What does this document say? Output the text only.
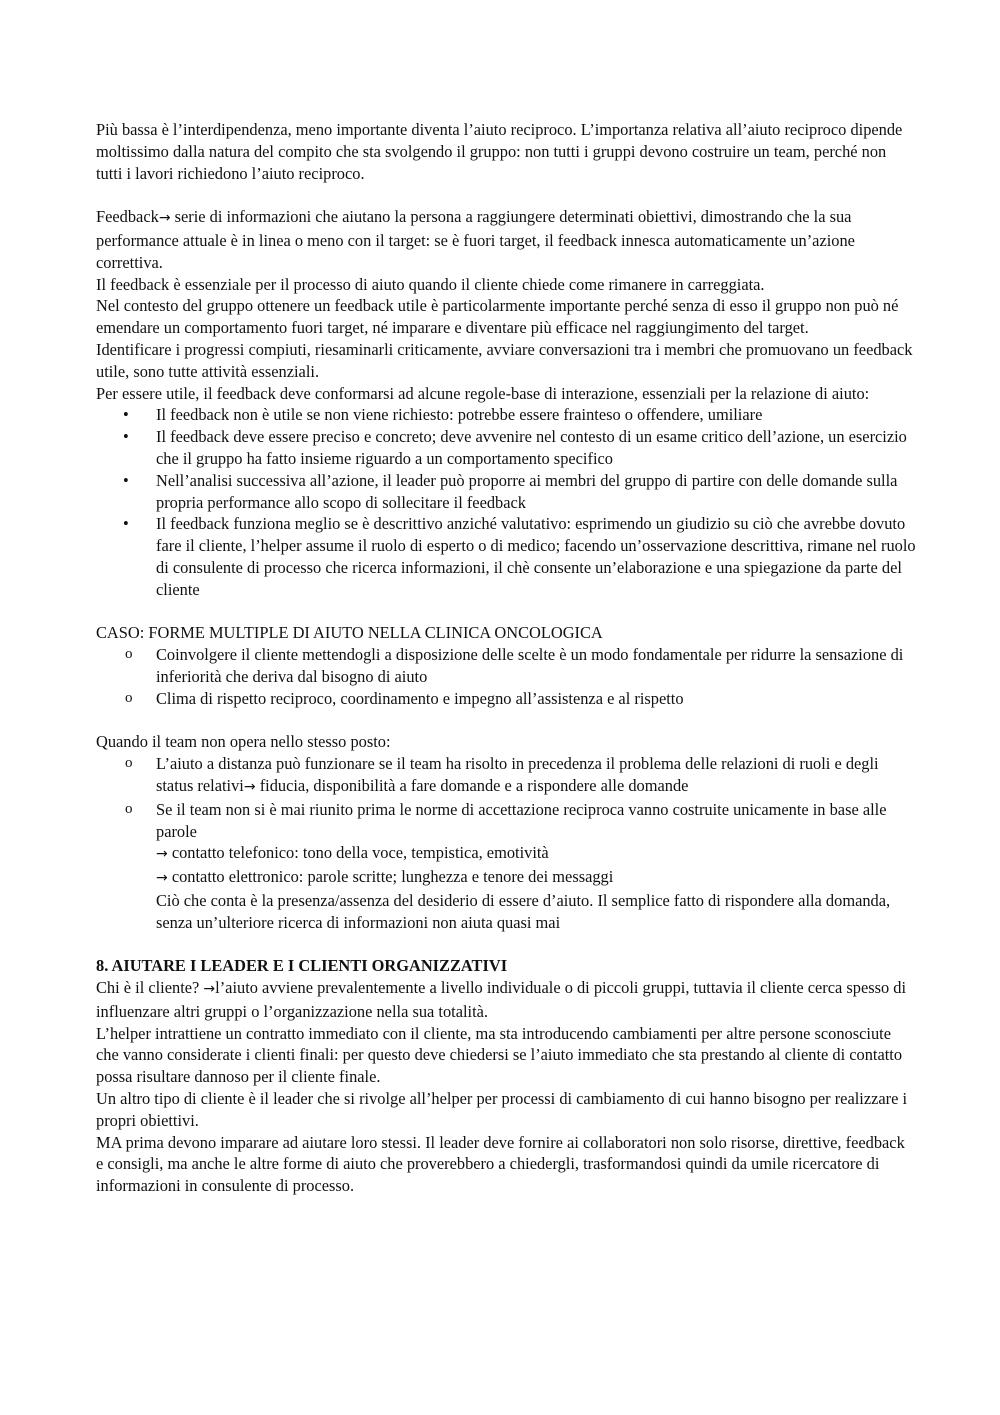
Più bassa è l’interdipendenza, meno importante diventa l’aiuto reciproco. L’importanza relativa all’aiuto reciproco dipende moltissimo dalla natura del compito che sta svolgendo il gruppo: non tutti i gruppi devono costruire un team, perché non tutti i lavori richiedono l’aiuto reciproco.

Feedback→ serie di informazioni che aiutano la persona a raggiungere determinati obiettivi, dimostrando che la sua performance attuale è in linea o meno con il target: se è fuori target, il feedback innesca automaticamente un’azione correttiva.

Il feedback è essenziale per il processo di aiuto quando il cliente chiede come rimanere in carreggiata.

Nel contesto del gruppo ottenere un feedback utile è particolarmente importante perché senza di esso il gruppo non può né emendare un comportamento fuori target, né imparare e diventare più efficace nel raggiungimento del target.

Identificare i progressi compiuti, riesaminarli criticamente, avviare conversazioni tra i membri che promuovano un feedback utile, sono tutte attività essenziali.

Per essere utile, il feedback deve conformarsi ad alcune regole-base di interazione, essenziali per la relazione di aiuto:

• Il feedback non è utile se non viene richiesto: potrebbe essere frainteso o offendere, umiliare
• Il feedback deve essere preciso e concreto; deve avvenire nel contesto di un esame critico dell’azione, un esercizio che il gruppo ha fatto insieme riguardo a un comportamento specifico
• Nell’analisi successiva all’azione, il leader può proporre ai membri del gruppo di partire con delle domande sulla propria performance allo scopo di sollecitare il feedback
• Il feedback funziona meglio se è descrittivo anziché valutativo: esprimendo un giudizio su ciò che avrebbe dovuto fare il cliente, l’helper assume il ruolo di esperto o di medico; facendo un’osservazione descrittiva, rimane nel ruolo di consulente di processo che ricerca informazioni, il chè consente un’elaborazione e una spiegazione da parte del cliente

CASO: FORME MULTIPLE DI AIUTO NELLA CLINICA ONCOLOGICA

o Coinvolgere il cliente mettendogli a disposizione delle scelte è un modo fondamentale per ridurre la sensazione di inferiorità che deriva dal bisogno di aiuto
o Clima di rispetto reciproco, coordinamento e impegno all’assistenza e al rispetto

Quando il team non opera nello stesso posto:

o L’aiuto a distanza può funzionare se il team ha risolto in precedenza il problema delle relazioni di ruoli e degli status relativi→ fiducia, disponibilità a fare domande e a rispondere alle domande
o Se il team non si è mai riunito prima le norme di accettazione reciproca vanno costruite unicamente in base alle parole
→ contatto telefonico: tono della voce, tempistica, emotività
→ contatto elettronico: parole scritte; lunghezza e tenore dei messaggi
Ciò che conta è la presenza/assenza del desiderio di essere d’aiuto. Il semplice fatto di rispondere alla domanda, senza un’ulteriore ricerca di informazioni non aiuta quasi mai

8. AIUTARE I LEADER E I CLIENTI ORGANIZZATIVI

Chi è il cliente? →l’aiuto avviene prevalentemente a livello individuale o di piccoli gruppi, tuttavia il cliente cerca spesso di influenzare altri gruppi o l’organizzazione nella sua totalità.

L’helper intrattiene un contratto immediato con il cliente, ma sta introducendo cambiamenti per altre persone sconosciute che vanno considerate i clienti finali: per questo deve chiedersi se l’aiuto immediato che sta prestando al cliente di contatto possa risultare dannoso per il cliente finale.

Un altro tipo di cliente è il leader che si rivolge all’helper per processi di cambiamento di cui hanno bisogno per realizzare i propri obiettivi.

MA prima devono imparare ad aiutare loro stessi. Il leader deve fornire ai collaboratori non solo risorse, direttive, feedback e consigli, ma anche le altre forme di aiuto che proverebbero a chiedergli, trasformandosi quindi da umile ricercatore di informazioni in consulente di processo.
